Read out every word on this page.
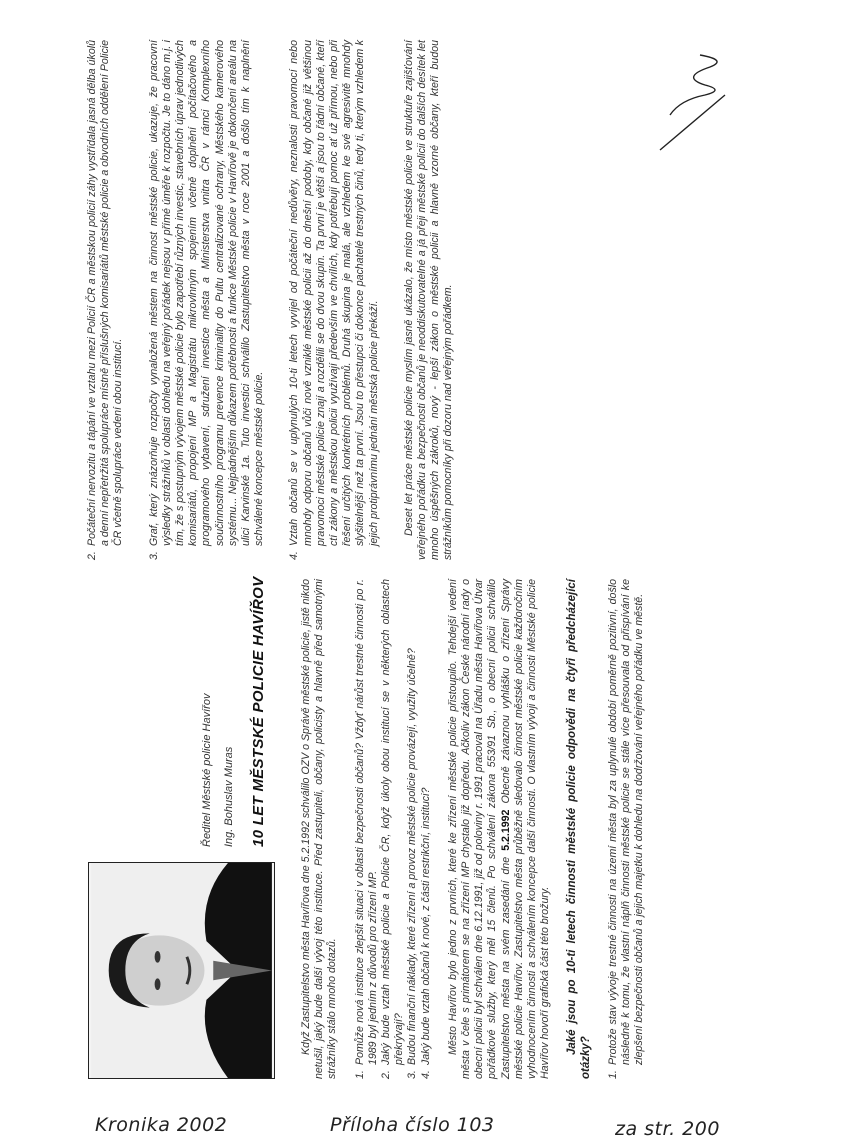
Ředitel Městské policie Havířov Ing. Bohuslav Muras	10 LET MĚSTSKÉ POLICIE HAVÍŘOV	Když Zastupitelstvo města Havířova dne 5.2.1992 schválilo OZV o Správě městské policie, jistě nikdo netušil, jaký bude další vývoj této instituce. Před zastupiteli, občany, policisty a hlavně před samotnými strážníky stálo mnoho dotazů. 1.
Pomůže nová instituce zlepšit situaci v oblasti bezpečnosti občanů? Vždyť nárůst trestné činnosti po r. 1989 byl jedním z důvodů pro zřízení MP.
2.
Jaký bude vztah městské policie a Policie ČR, když úkoly obou institucí se v některých oblastech překrývají?
3.
Budou finanční náklady, které zřízení a provoz městské policie provázejí, využity účelně?
4.
Jaký bude vztah občanů k nové, z části restrikční, instituci? Město Havířov bylo jedno z prvních, které ke zřízení městské policie přistoupilo. Tehdejší vedení města v čele s primátorem se na zřízení MP chystalo již dopředu. Ačkoliv zákon České národní rady o obecní policii byl schválen dne 6.12.1991, již od poloviny r. 1991 pracoval na Úřadu města Havířova Útvar pořádkové služby, který měl 15 členů. Po schválení zákona 553/91 Sb., o obecní policii schválilo Zastupitelstvo města na svém zasedání dne 5.2.1992 Obecně závaznou vyhlášku o zřízení Správy městské policie Havířov. Zastupitelstvo města průběžně sledovalo činnost městské policie každoročním vyhodnocením činnosti a schválením koncepce další činnosti. O vlastním vývoji a činnosti Městské policie Havířov hovoří grafická část této brožury. Jaké jsou po 10-ti letech činnosti městské policie odpovědi na čtyři předcházející otázky? 1.
Protože stav vývoje trestné činnosti na území města byl za uplynulé období poměrně pozitivní, došlo následně k tomu, že vlastní náplň činnosti městské policie se stále více přesouvala od přispívání ke zlepšení bezpečnosti občanů a jejich majetku k dohledu na dodržování veřejného pořádku ve městě.
2.
Počáteční nervozitu a tápání ve vztahu mezi Policií ČR a městskou policií záhy vystřídala jasná dělba úkolů a denní nepřetržitá spolupráce místně příslušných komisariátů městské policie a obvodních oddělení Policie ČR včetně spolupráce vedení obou institucí.
3.
Graf, který znázorňuje rozpočty vynaložená městem na činnost městské policie, ukazuje, že pracovní výsledky strážníků v oblasti dohledu na veřejný pořádek nejsou v přímé úměře k rozpočtu. Je to dáno m.j. i tím, že s postupným vývojem městské policie bylo zapotřebí různých investic, stavebních úprav jednotlivých komisariátů, propojení MP a Magistrátu mikrovlnným spojením včetně doplnění počítačového a programového vybavení, sdružení investice města a Ministerstva vnitra ČR v rámci Komplexního součinnostního programu prevence kriminality do Pultu centralizované ochrany, Městského kamerového systému... Nejpádnějším důkazem potřebnosti a funkce Městské policie v Havířově je dokončení areálu na ulici Karvinské 1a. Tuto investici schválilo Zastupitelstvo města v roce 2001 a došlo tím k naplnění schválené koncepce městské policie.
4.
Vztah občanů se v uplynulých 10-ti letech vyvíjel od počáteční nedůvěry, neznalosti pravomocí nebo mnohdy odporu občanů vůči nově vzniklé městské policii až do dnešní podoby, kdy občané již většinou pravomoci městské policie znají a rozdělili se do dvou skupin. Ta první je větší a jsou to řádní občané, kteří ctí zákony a městskou policii využívají především ve chvílích, kdy potřebují pomoc ať už přímou, nebo při řešení určitých konkrétních problémů. Druhá skupina je malá, ale vzhledem ke své agresivitě mnohdy slyšitelnější než ta první. Jsou to přestupci či dokonce pachatelé trestných činů, tedy ti, kterým vzhledem k jejich protiprávnímu jednání městská policie překáží. Deset let práce městské policie myslím jasně ukázalo, že místo městské policie ve struktuře zajišťování veřejného pořádku a bezpečnosti občanů je neoddiskutovatelné a já přeji městské policii do dalších desítek let mnoho úspěšných zákroků, nový - lepší zákon o městské policii a hlavně vzorné občany, kteří budou strážníkům pomocníky při dozoru nad veřejným pořádkem.
Kronika 2002	Příloha číslo 103	za str. 200
